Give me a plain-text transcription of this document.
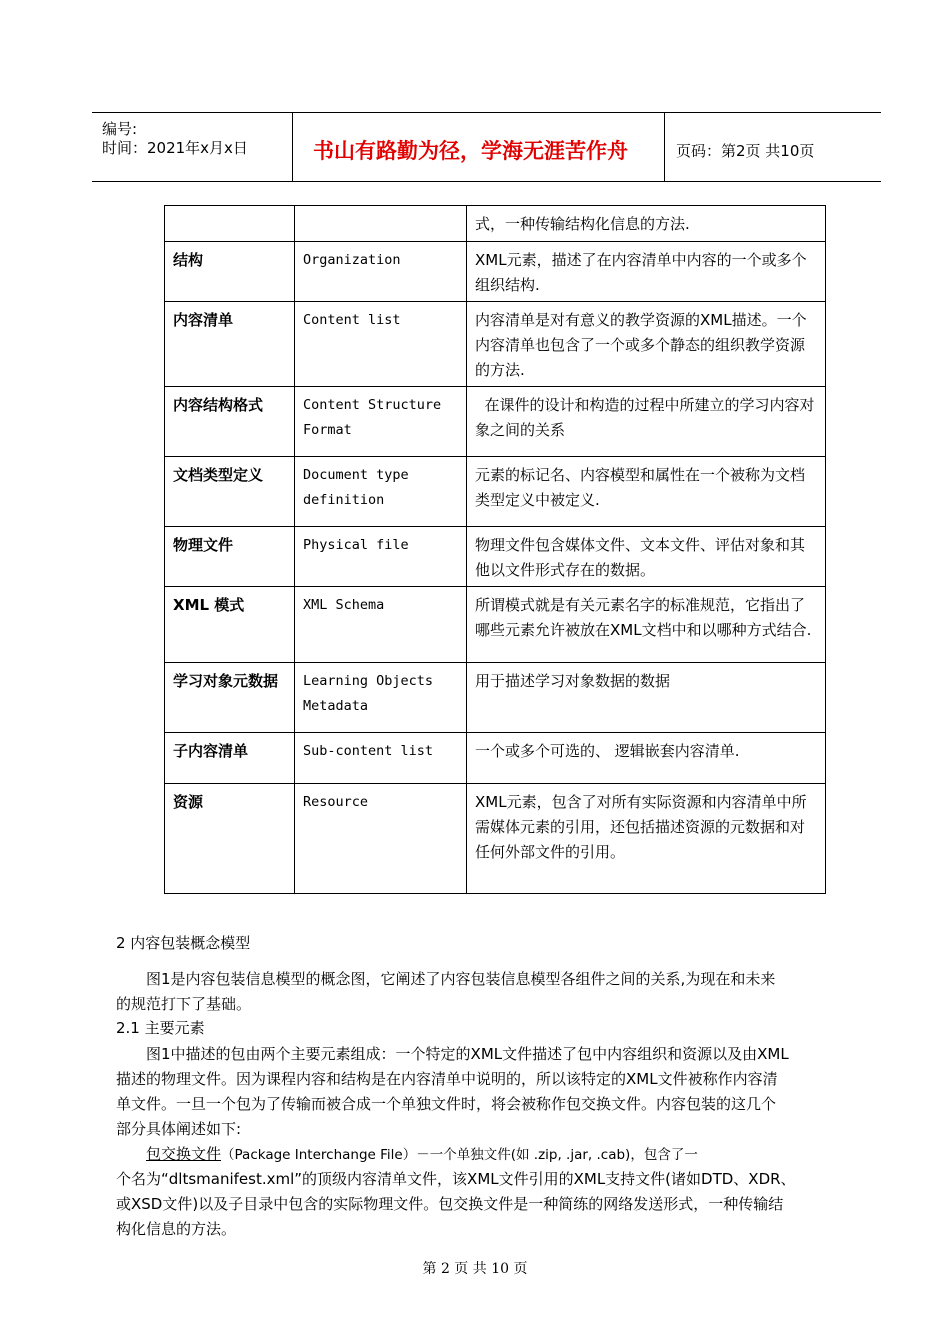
编号:
时间：2021年x月x日	书山有路勤为径，学海无涯苦作舟	页码：第2页 共10页
		式，一种传输结构化信息的方法.
结构	Organization	XML元素，描述了在内容清单中内容的一个或多个组织结构.
内容清单	Content list	内容清单是对有意义的教学资源的XML描述。一个内容清单也包含了一个或多个静态的组织教学资源的方法.
内容结构格式	Content Structure Format	在课件的设计和构造的过程中所建立的学习内容对象之间的关系
文档类型定义	Document type definition	元素的标记名、内容模型和属性在一个被称为文档类型定义中被定义.
物理文件	Physical file	物理文件包含媒体文件、文本文件、评估对象和其他以文件形式存在的数据。
XML 模式	XML Schema	所谓模式就是有关元素名字的标准规范，它指出了哪些元素允许被放在XML文档中和以哪种方式结合.
学习对象元数据	Learning Objects Metadata	用于描述学习对象数据的数据
子内容清单	Sub-content list	一个或多个可选的、 逻辑嵌套内容清单.
资源	Resource	XML元素，包含了对所有实际资源和内容清单中所需媒体元素的引用，还包括描述资源的元数据和对任何外部文件的引用。
2 内容包装概念模型
图1是内容包装信息模型的概念图，它阐述了内容包装信息模型各组件之间的关系,为现在和未来
的规范打下了基础。
2.1 主要元素
图1中描述的包由两个主要元素组成：一个特定的XML文件描述了包中内容组织和资源以及由XML
描述的物理文件。因为课程内容和结构是在内容清单中说明的，所以该特定的XML文件被称作内容清
单文件。一旦一个包为了传输而被合成一个单独文件时，将会被称作包交换文件。内容包装的这几个
部分具体阐述如下:
包交换文件（Package Interchange File）－一个单独文件(如 .zip, .jar, .cab)，包含了一
个名为“dltsmanifest.xml”的顶级内容清单文件，该XML文件引用的XML支持文件(诸如DTD、XDR、
或XSD文件)以及子目录中包含的实际物理文件。包交换文件是一种简练的网络发送形式，一种传输结
构化信息的方法。
第 2 页 共 10 页
